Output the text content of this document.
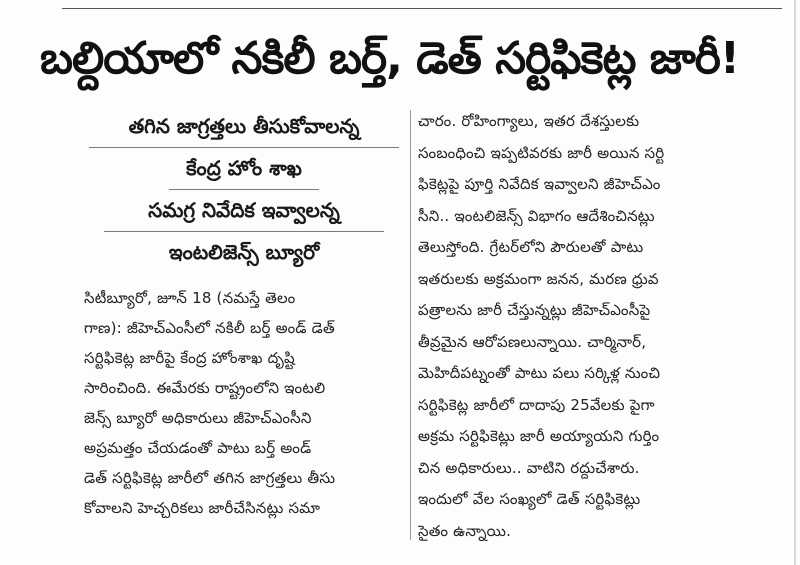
బల్దియాలో నకిలీ బర్త్, డెత్ సర్టిఫికెట్ల జారీ!
తగిన జాగ్రత్తలు తీసుకోవాలన్న
కేంద్ర హోం శాఖ
సమగ్ర నివేదిక ఇవ్వాలన్న
ఇంటలిజెన్స్ బ్యూరో
సిటీబ్యూరో, జూన్ 18 (నమస్తే తెలం
గాణ): జీహెచ్ఎంసీలో నకిలీ బర్త్ అండ్ డెత్
సర్టిఫికెట్ల జారీపై కేంద్ర హోంశాఖ దృష్టి
సారించింది. ఈమేరకు రాష్ట్రంలోని ఇంటలి
జెన్స్ బ్యూరో అధికారులు జీహెచ్ఎంసీని
అప్రమత్తం చేయడంతో పాటు బర్త్ అండ్
డెత్ సర్టిఫికెట్ల జారీలో తగిన జాగ్రత్తలు తీసు
కోవాలని హెచ్చరికలు జారీచేసినట్లు సమా
చారం. రోహింగ్యాలు, ఇతర దేశస్తులకు
సంబంధించి ఇప్పటివరకు జారీ అయిన సర్టి
ఫికెట్లపై పూర్తి నివేదిక ఇవ్వాలని జీహెచ్ఎం
సీని.. ఇంటలిజెన్స్ విభాగం ఆదేశించినట్లు
తెలుస్తోంది. గ్రేటర్‌లోని పౌరులతో పాటు
ఇతరులకు అక్రమంగా జనన, మరణ ధ్రువ
పత్రాలను జారీ చేస్తున్నట్లు జీహెచ్ఎంసీపై
తీవ్రమైన ఆరోపణలున్నాయి. చార్మినార్,
మెహిదీపట్నంతో పాటు పలు సర్కిళ్ల నుంచి
సర్టిఫికెట్ల జారీలో దాదాపు 25వేలకు పైగా
అక్రమ సర్టిఫికెట్లు జారీ అయ్యాయని గుర్తిం
చిన అధికారులు.. వాటిని రద్దుచేశారు.
ఇందులో వేల సంఖ్యలో డెత్ సర్టిఫికెట్లు
సైతం ఉన్నాయి.
